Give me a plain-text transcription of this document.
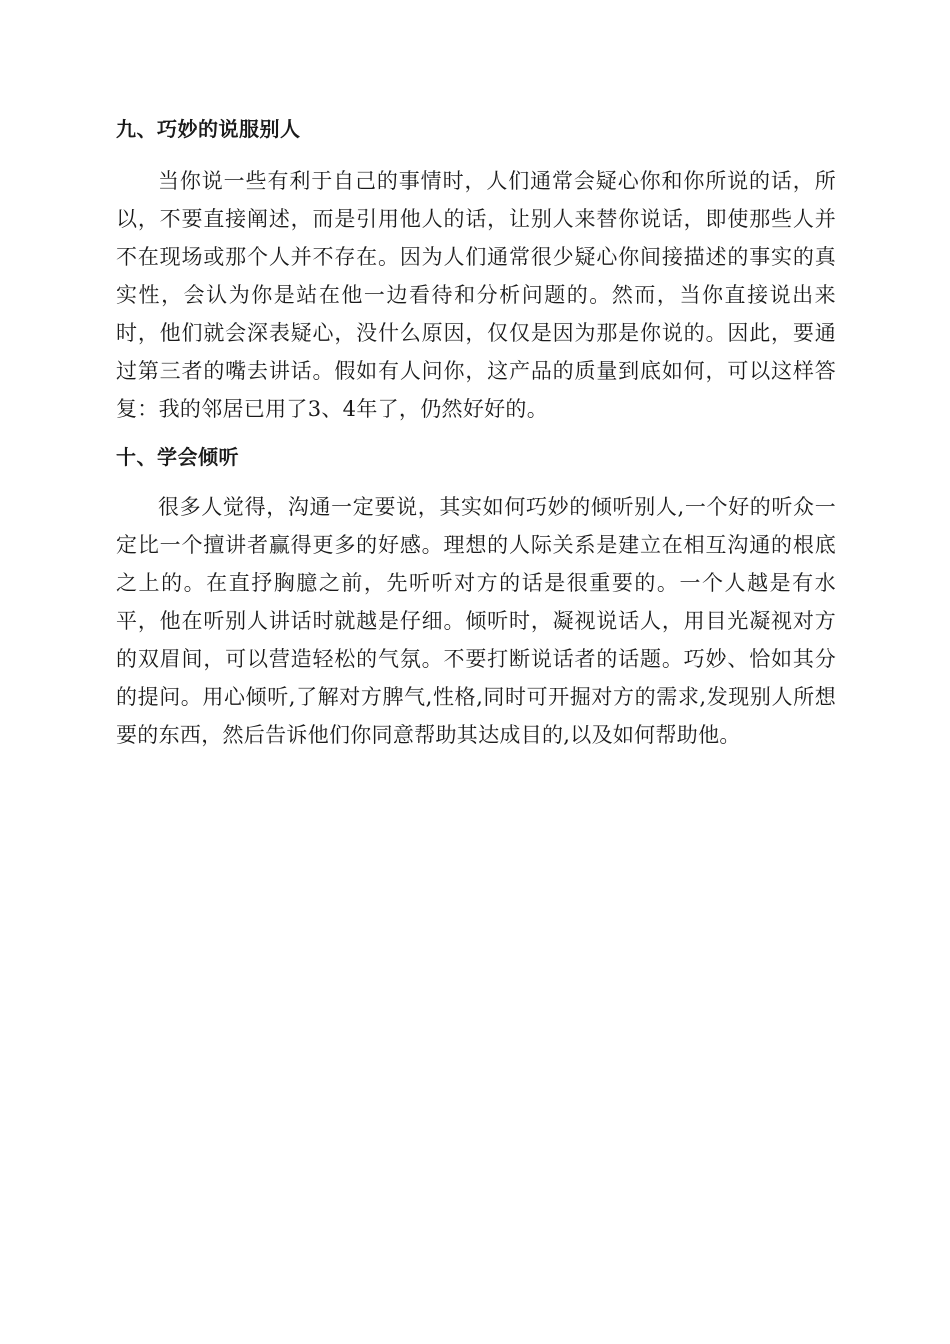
九、巧妙的说服别人

当你说一些有利于自己的事情时，人们通常会疑心你和你所说的话，所以，不要直接阐述，而是引用他人的话，让别人来替你说话，即使那些人并不在现场或那个人并不存在。因为人们通常很少疑心你间接描述的事实的真实性，会认为你是站在他一边看待和分析问题的。然而，当你直接说出来时，他们就会深表疑心，没什么原因，仅仅是因为那是你说的。因此，要通过第三者的嘴去讲话。假如有人问你，这产品的质量到底如何，可以这样答复：我的邻居已用了3、4年了，仍然好好的。

十、学会倾听

很多人觉得，沟通一定要说，其实如何巧妙的倾听别人,一个好的听众一定比一个擅讲者赢得更多的好感。理想的人际关系是建立在相互沟通的根底之上的。在直抒胸臆之前，先听听对方的话是很重要的。一个人越是有水平，他在听别人讲话时就越是仔细。倾听时，凝视说话人，用目光凝视对方的双眉间，可以营造轻松的气氛。不要打断说话者的话题。巧妙、恰如其分的提问。用心倾听,了解对方脾气,性格,同时可开掘对方的需求,发现别人所想要的东西，然后告诉他们你同意帮助其达成目的,以及如何帮助他。
